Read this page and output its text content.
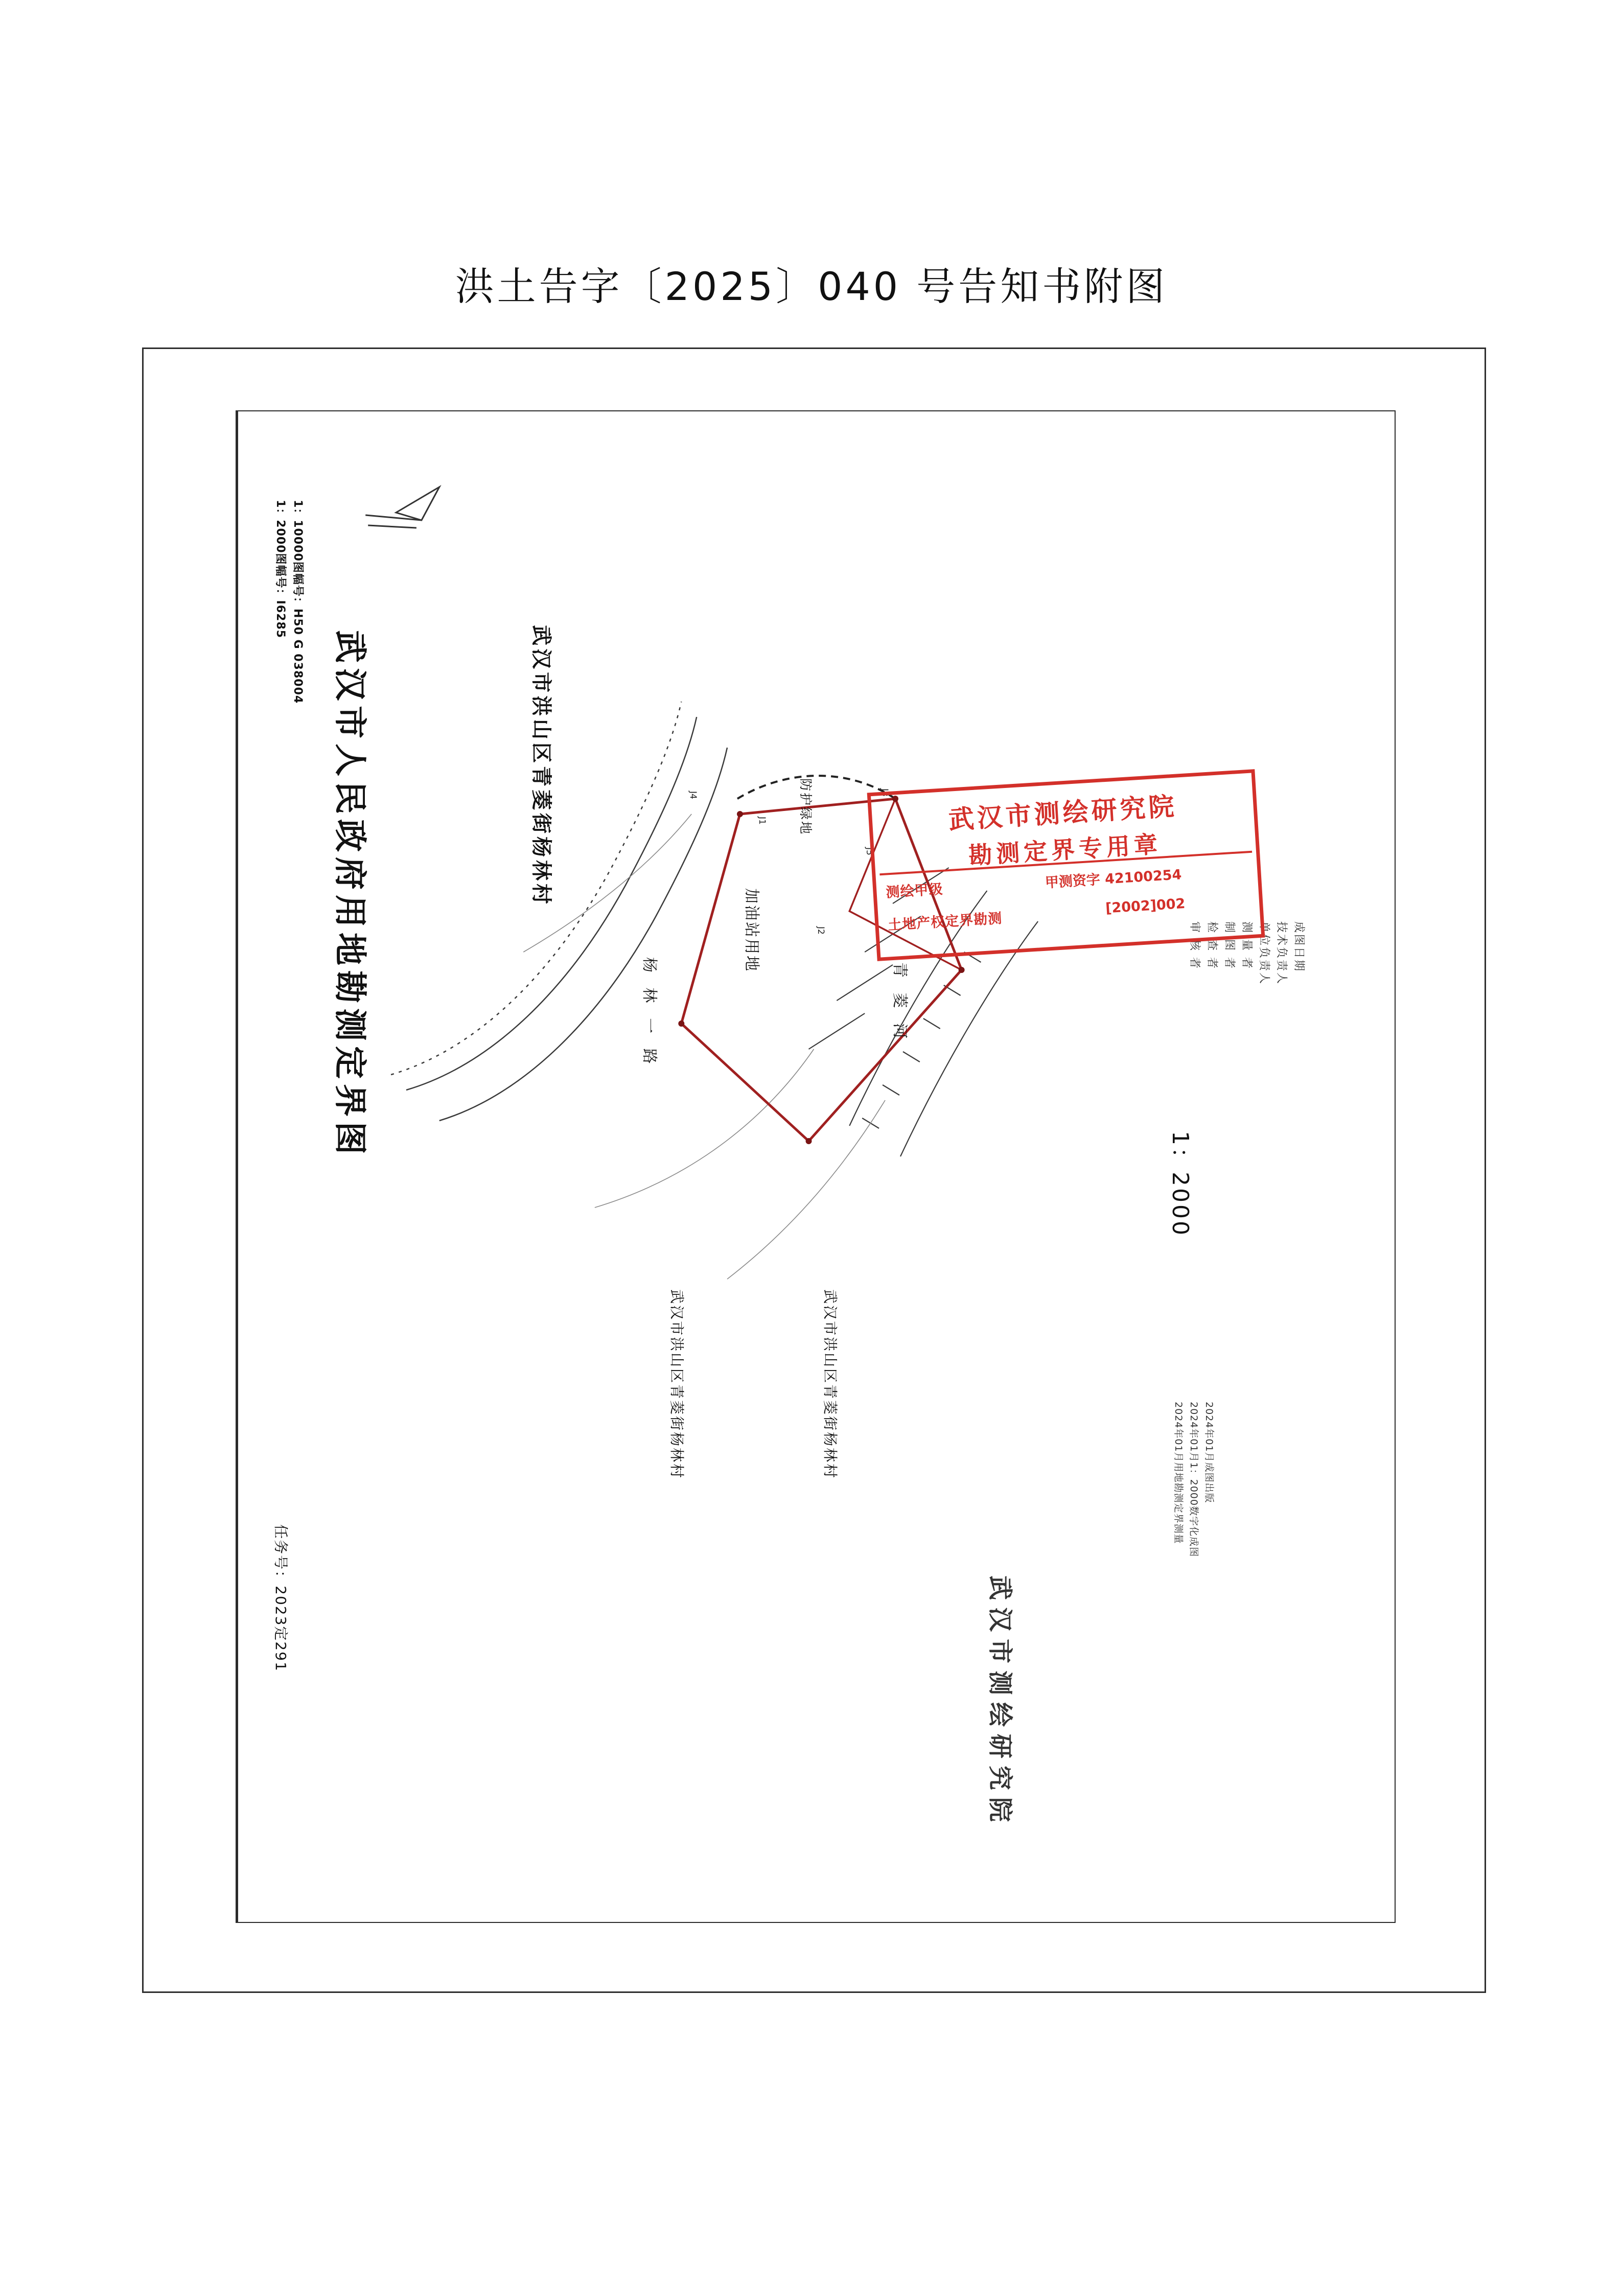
洪土告字〔2025〕040 号告知书附图
武汉市人民政府用地勘测定界图	武汉市洪山区青菱街杨林村
任务号：2023定291
1：2000图幅号：I6285 1：10000图幅号：H50 G 038004
1：2000
武汉市测绘研究院
2024年01月用地勘测定界测量 2024年01月1：2000数字化成图 2024年01月成图出版
审 核 者 检 查 者 制 图 者 测 量 者 单位负责人 技术负责人 成图日期
加油站用地
防护绿地
杨 林 一 路	青 菱 河
武汉市洪山区青菱街杨林村	武汉市洪山区青菱街杨林村
J1
J2
J3
J4
J5
武汉市测绘研究院
勘测定界专用章
测绘甲级
甲测资字 42100254
土地产权定界勘测
[2002]002
